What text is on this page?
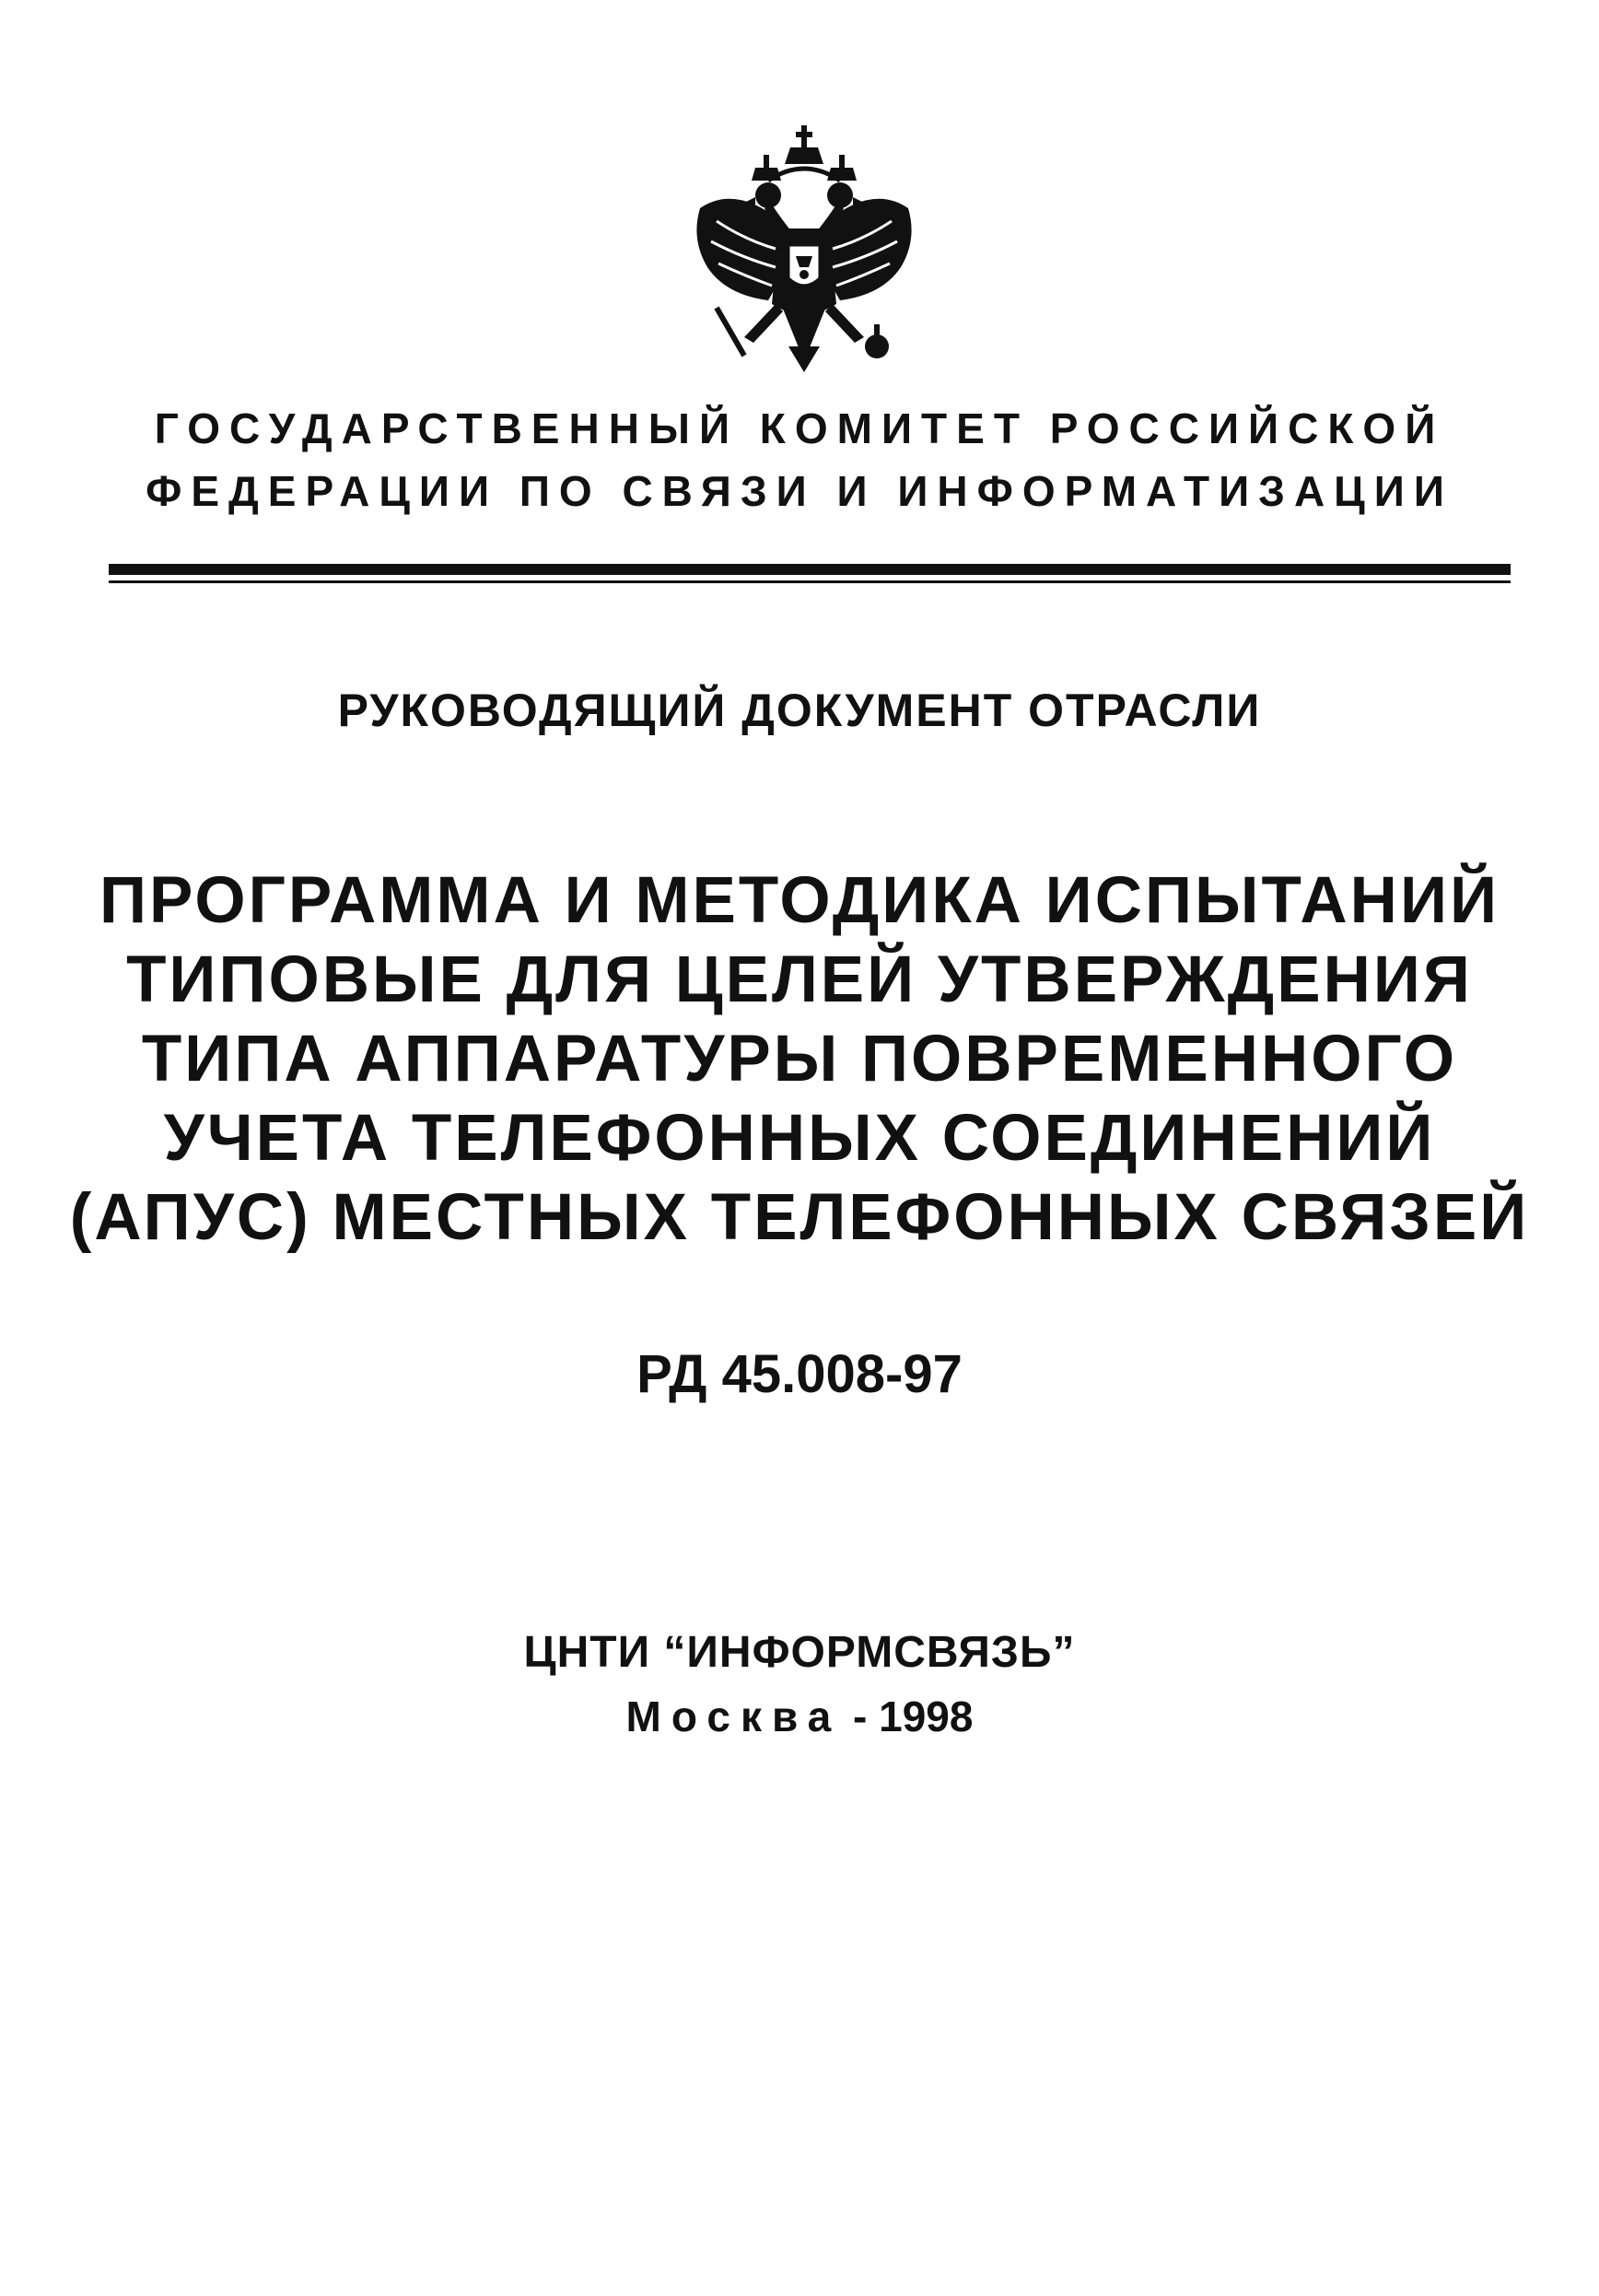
ГОСУДАРСТВЕННЫЙ КОМИТЕТ РОССИЙСКОЙ
ФЕДЕРАЦИИ ПО СВЯЗИ И ИНФОРМАТИЗАЦИИ
РУКОВОДЯЩИЙ ДОКУМЕНТ ОТРАСЛИ
ПРОГРАММА И МЕТОДИКА ИСПЫТАНИЙ
ТИПОВЫЕ ДЛЯ ЦЕЛЕЙ УТВЕРЖДЕНИЯ
ТИПА АППАРАТУРЫ ПОВРЕМЕННОГО
УЧЕТА ТЕЛЕФОННЫХ СОЕДИНЕНИЙ
(АПУС) МЕСТНЫХ ТЕЛЕФОННЫХ СВЯЗЕЙ
РД 45.008-97
ЦНТИ “ИНФОРМСВЯЗЬ”
Москва - 1998
